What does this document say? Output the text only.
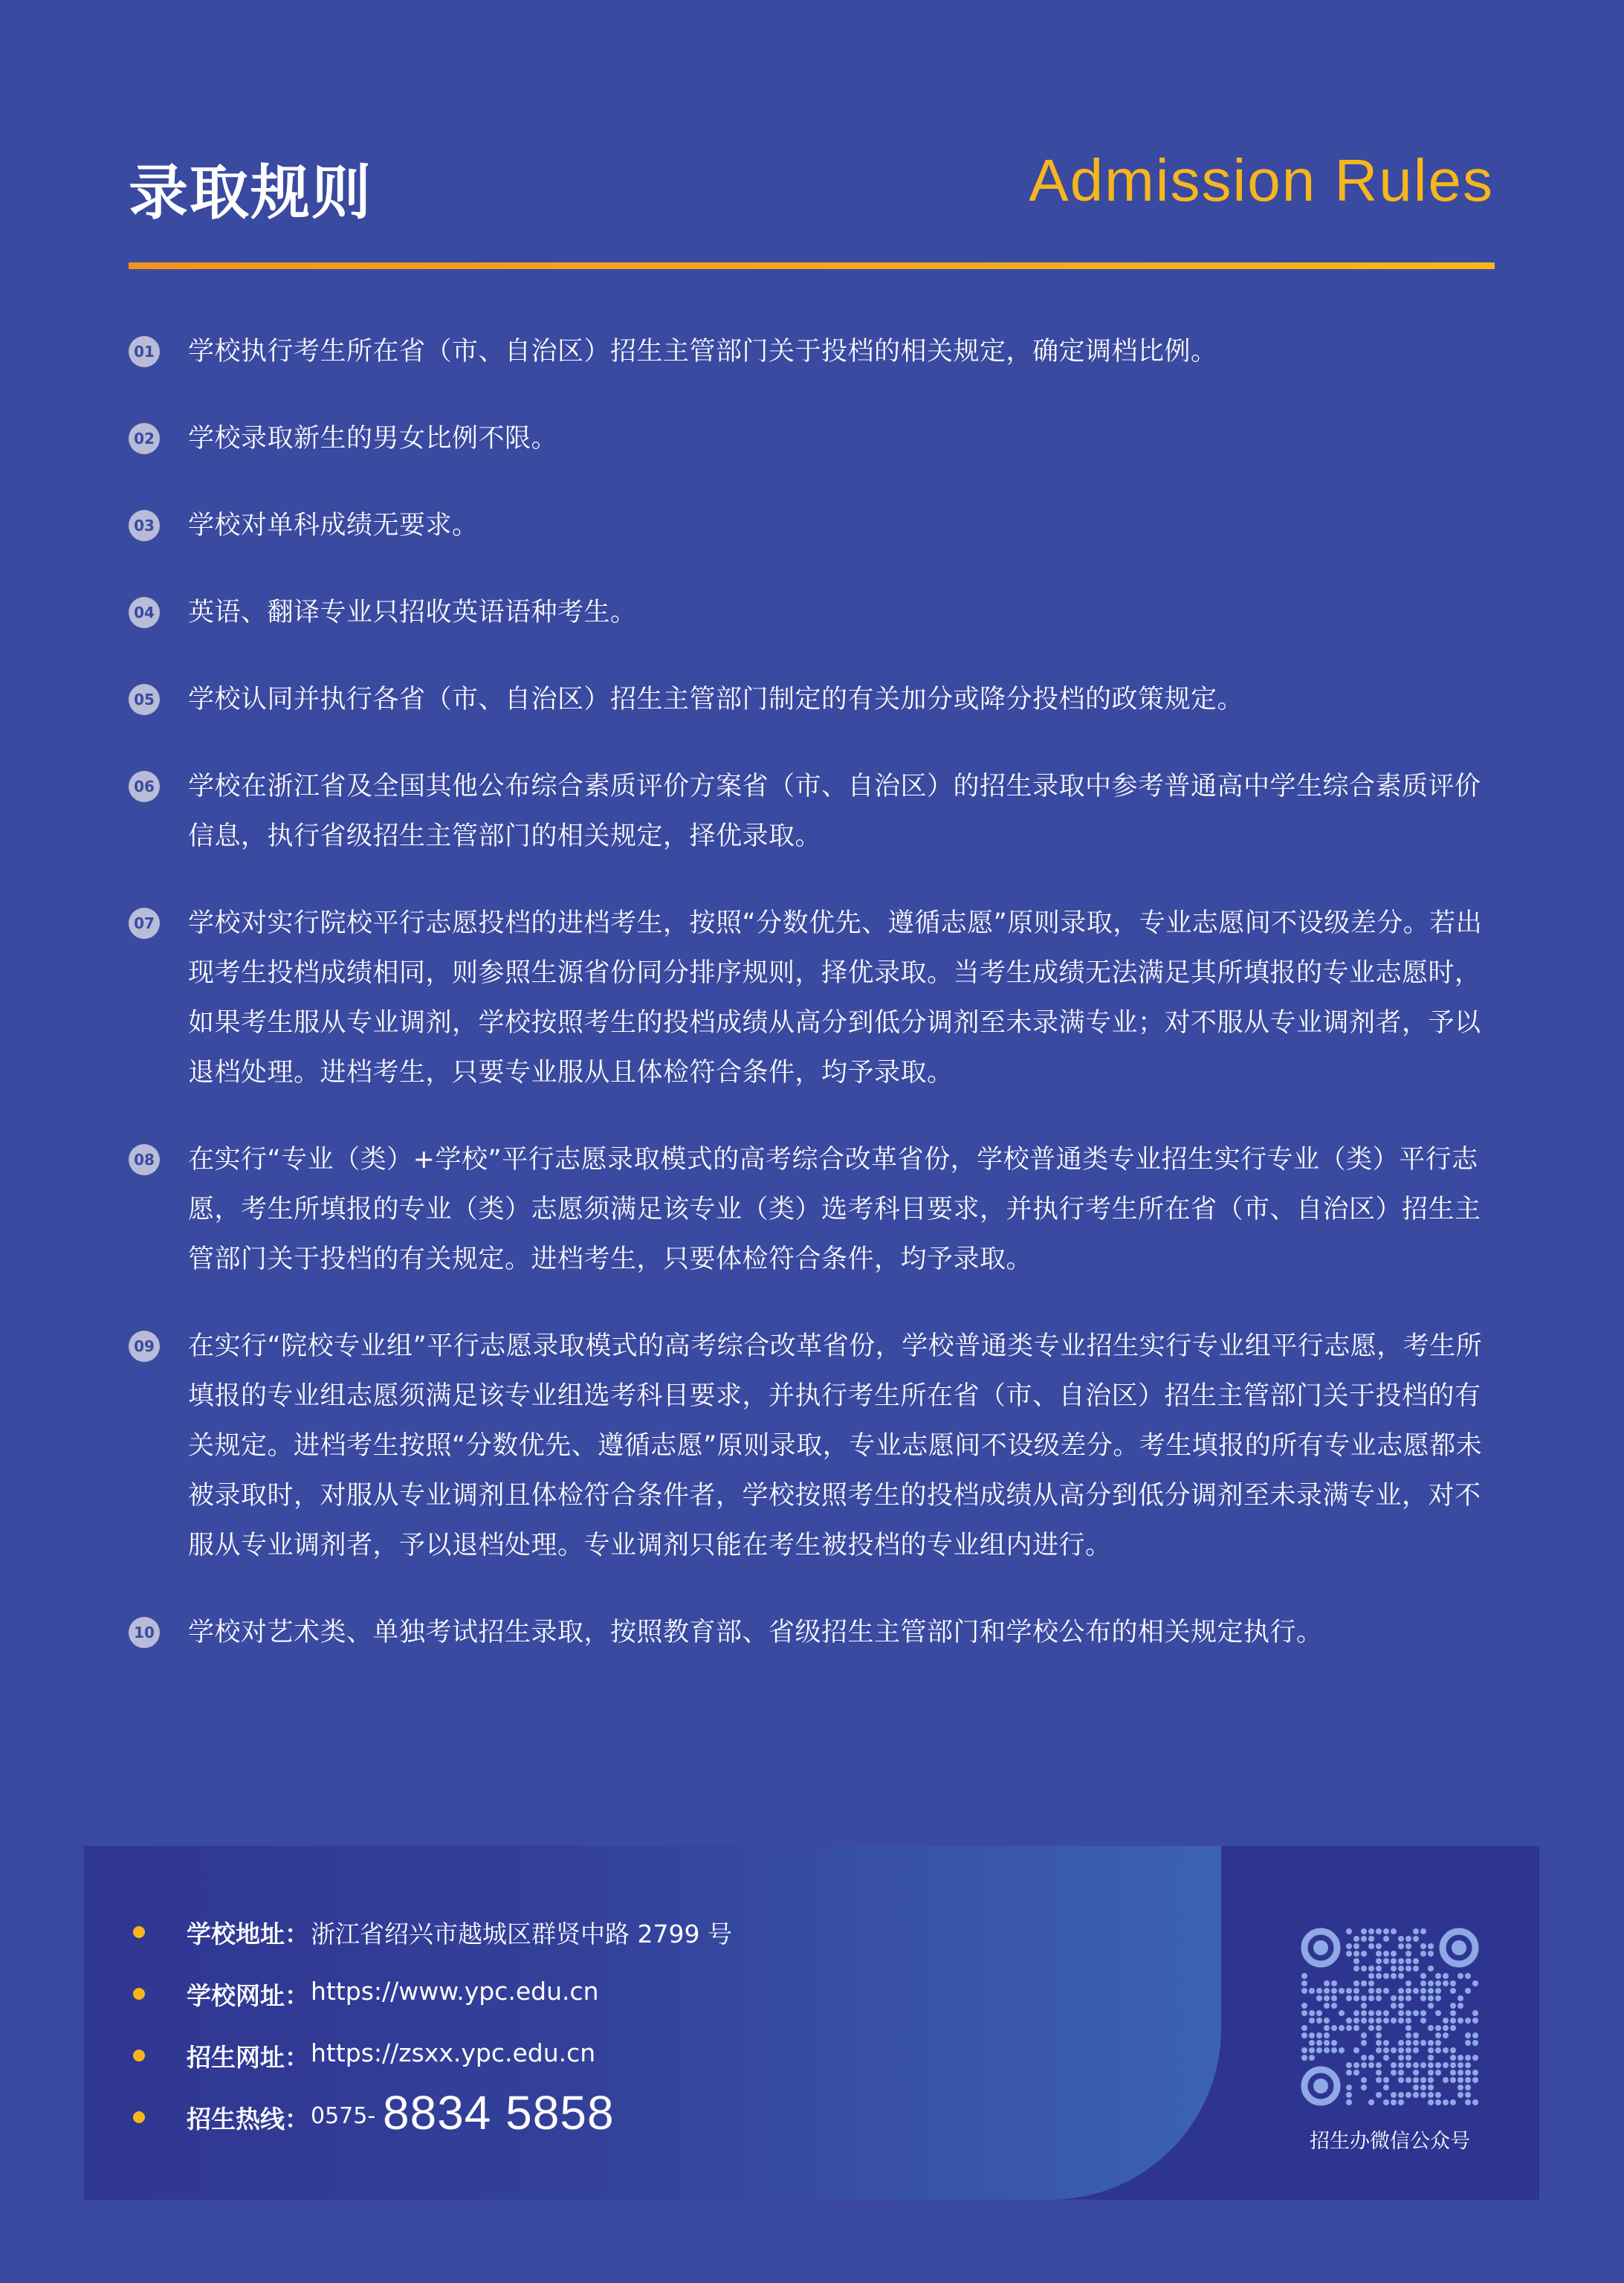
录取规则	Admission Rules
01 学校执行考生所在省（市、自治区）招生主管部门关于投档的相关规定，确定调档比例。
02 学校录取新生的男女比例不限。
03 学校对单科成绩无要求。
04 英语、翻译专业只招收英语语种考生。
05 学校认同并执行各省（市、自治区）招生主管部门制定的有关加分或降分投档的政策规定。
06 学校在浙江省及全国其他公布综合素质评价方案省（市、自治区）的招生录取中参考普通高中学生综合素质评价信息，执行省级招生主管部门的相关规定，择优录取。
07 学校对实行院校平行志愿投档的进档考生，按照“分数优先、遵循志愿”原则录取，专业志愿间不设级差分。若出现考生投档成绩相同，则参照生源省份同分排序规则，择优录取。当考生成绩无法满足其所填报的专业志愿时，如果考生服从专业调剂，学校按照考生的投档成绩从高分到低分调剂至未录满专业；对不服从专业调剂者，予以退档处理。进档考生，只要专业服从且体检符合条件，均予录取。
08 在实行“专业（类）+学校”平行志愿录取模式的高考综合改革省份，学校普通类专业招生实行专业（类）平行志愿，考生所填报的专业（类）志愿须满足该专业（类）选考科目要求，并执行考生所在省（市、自治区）招生主管部门关于投档的有关规定。进档考生，只要体检符合条件，均予录取。
09 在实行“院校专业组”平行志愿录取模式的高考综合改革省份，学校普通类专业招生实行专业组平行志愿，考生所填报的专业组志愿须满足该专业组选考科目要求，并执行考生所在省（市、自治区）招生主管部门关于投档的有关规定。进档考生按照“分数优先、遵循志愿”原则录取，专业志愿间不设级差分。考生填报的所有专业志愿都未被录取时，对服从专业调剂且体检符合条件者，学校按照考生的投档成绩从高分到低分调剂至未录满专业，对不服从专业调剂者，予以退档处理。专业调剂只能在考生被投档的专业组内进行。
10 学校对艺术类、单独考试招生录取，按照教育部、省级招生主管部门和学校公布的相关规定执行。
学校地址： 浙江省绍兴市越城区群贤中路 2799 号
学校网址： https://www.ypc.edu.cn
招生网址： https://zsxx.ypc.edu.cn
招生热线： 0575- 8834 5858
招生办微信公众号
